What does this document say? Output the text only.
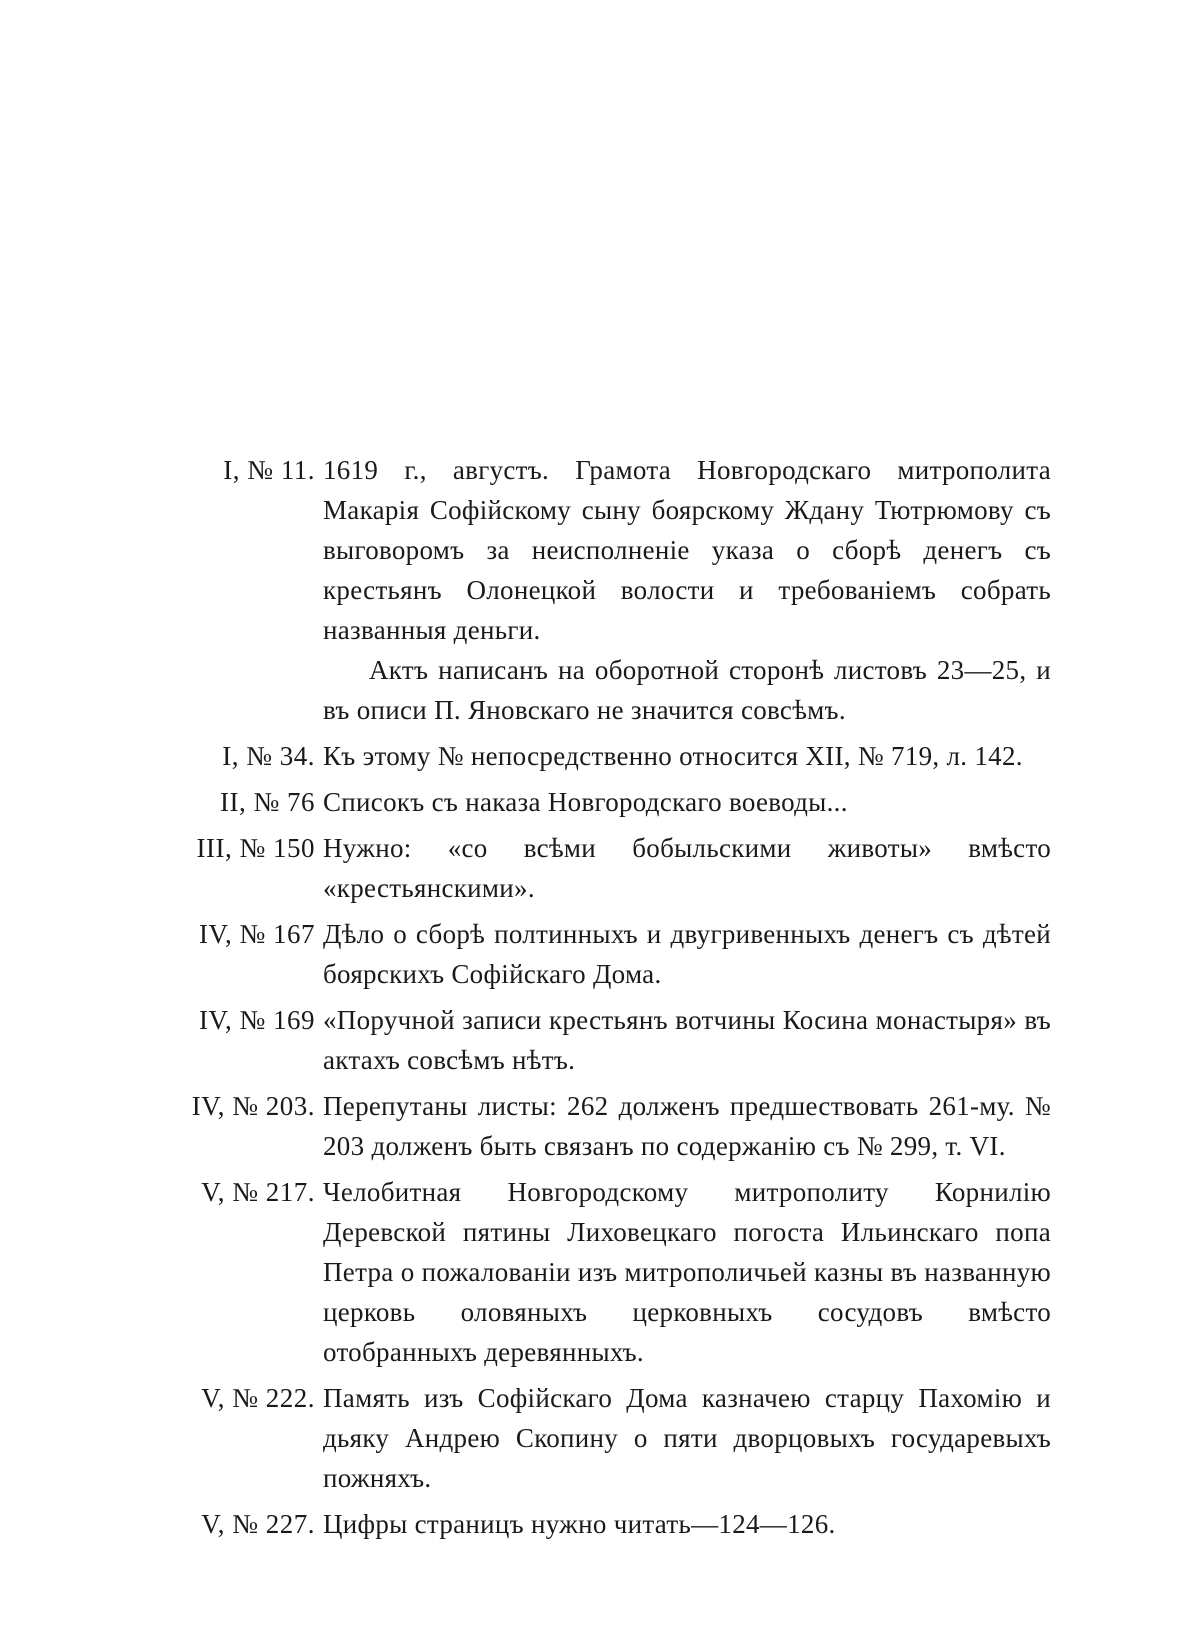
I, № 11. 1619 г., августъ. Грамота Новгородскаго митрополита Макарія Софійскому сыну боярскому Ждану Тютрюмову съ выговоромъ за неисполненіе указа о сборѣ денегъ съ крестьянъ Олонецкой волости и требованіемъ собрать названныя деньги.

Актъ написанъ на оборотной сторонѣ листовъ 23—25, и въ описи П. Яновскаго не значится совсѣмъ.

I, № 34. Къ этому № непосредственно относится XII, № 719, л. 142.

II, № 76 Списокъ съ наказа Новгородскаго воеводы...

III, № 150 Нужно: «со всѣми бобыльскими животы» вмѣсто «крестьянскими».

IV, № 167 Дѣло о сборѣ полтинныхъ и двугривенныхъ денегъ съ дѣтей боярскихъ Софійскаго Дома.

IV, № 169 «Поручной записи крестьянъ вотчины Косина монастыря» въ актахъ совсѣмъ нѣтъ.

IV, № 203. Перепутаны листы: 262 долженъ предшествовать 261-му. № 203 долженъ быть связанъ по содержанію съ № 299, т. VI.

V, № 217. Челобитная Новгородскому митрополиту Корнилію Деревской пятины Лиховецкаго погоста Ильинскаго попа Петра о пожалованіи изъ митрополичьей казны въ названную церковь оловяныхъ церковныхъ сосудовъ вмѣсто отобранныхъ деревянныхъ.

V, № 222. Память изъ Софійскаго Дома казначею старцу Пахомію и дьяку Андрею Скопину о пяти дворцовыхъ государевыхъ пожняхъ.

V, № 227. Цифры страницъ нужно читать—124—126.
